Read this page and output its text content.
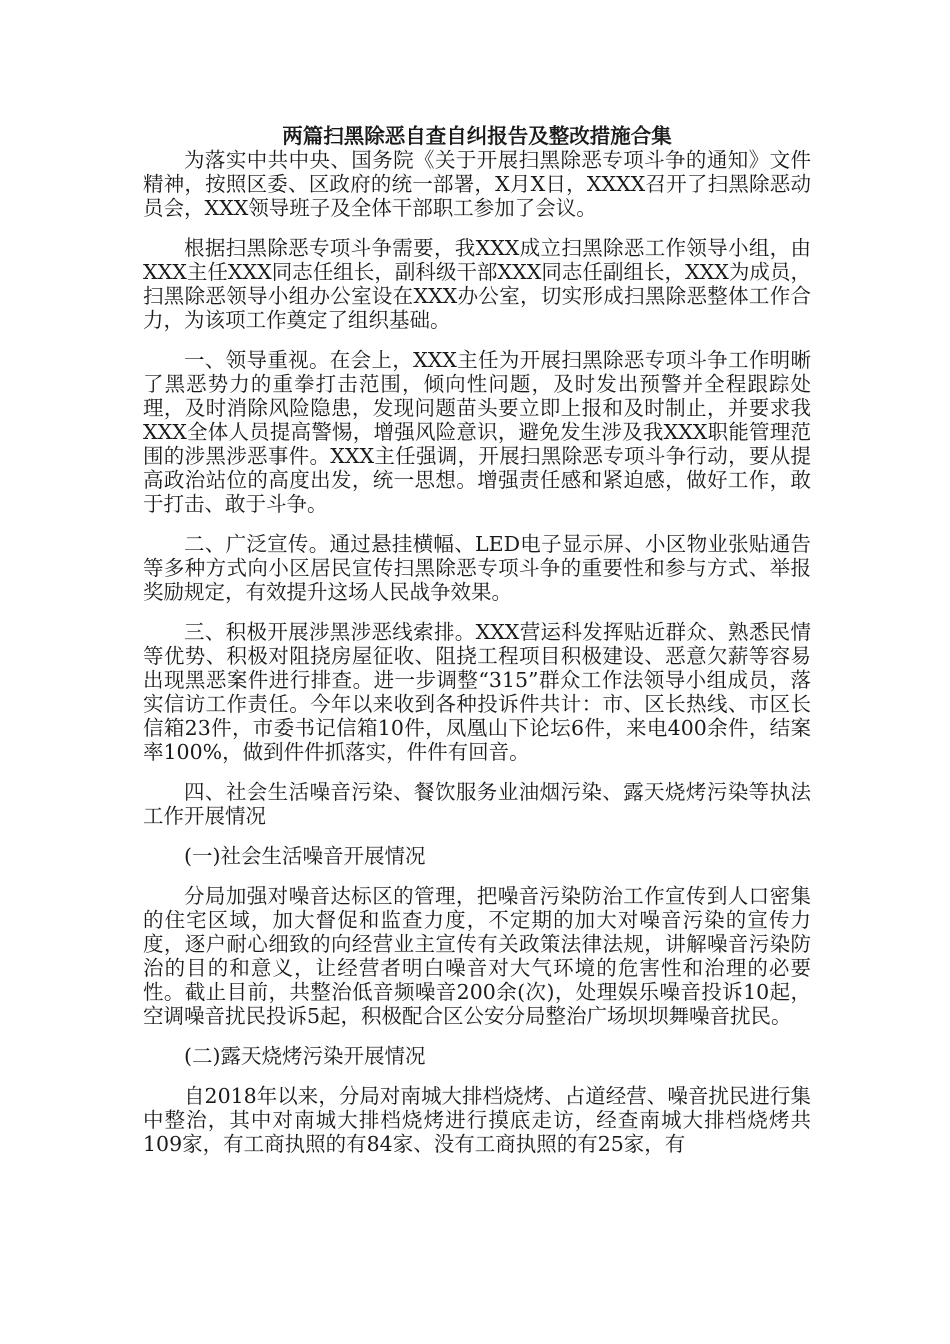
两篇扫黑除恶自查自纠报告及整改措施合集

为落实中共中央、国务院《关于开展扫黑除恶专项斗争的通知》文件精神，按照区委、区政府的统一部署，X月X日，XXXX召开了扫黑除恶动员会，XXX领导班子及全体干部职工参加了会议。

根据扫黑除恶专项斗争需要，我XXX成立扫黑除恶工作领导小组，由XXX主任XXX同志任组长，副科级干部XXX同志任副组长，XXX为成员，扫黑除恶领导小组办公室设在XXX办公室，切实形成扫黑除恶整体工作合力，为该项工作奠定了组织基础。

一、领导重视。在会上，XXX主任为开展扫黑除恶专项斗争工作明晰了黑恶势力的重拳打击范围，倾向性问题，及时发出预警并全程跟踪处理，及时消除风险隐患，发现问题苗头要立即上报和及时制止，并要求我XXX全体人员提高警惕，增强风险意识，避免发生涉及我XXX职能管理范围的涉黑涉恶事件。XXX主任强调，开展扫黑除恶专项斗争行动，要从提高政治站位的高度出发，统一思想。增强责任感和紧迫感，做好工作，敢于打击、敢于斗争。

二、广泛宣传。通过悬挂横幅、LED电子显示屏、小区物业张贴通告等多种方式向小区居民宣传扫黑除恶专项斗争的重要性和参与方式、举报奖励规定，有效提升这场人民战争效果。

三、积极开展涉黑涉恶线索排。XXX营运科发挥贴近群众、熟悉民情等优势、积极对阻挠房屋征收、阻挠工程项目积极建设、恶意欠薪等容易出现黑恶案件进行排查。进一步调整“315”群众工作法领导小组成员，落实信访工作责任。今年以来收到各种投诉件共计：市、区长热线、市区长信箱23件，市委书记信箱10件，凤凰山下论坛6件，来电400余件，结案率100%，做到件件抓落实，件件有回音。

四、社会生活噪音污染、餐饮服务业油烟污染、露天烧烤污染等执法工作开展情况

(一)社会生活噪音开展情况

分局加强对噪音达标区的管理，把噪音污染防治工作宣传到人口密集的住宅区域，加大督促和监查力度，不定期的加大对噪音污染的宣传力度，逐户耐心细致的向经营业主宣传有关政策法律法规，讲解噪音污染防治的目的和意义，让经营者明白噪音对大气环境的危害性和治理的必要性。截止目前，共整治低音频噪音200余(次)，处理娱乐噪音投诉10起，空调噪音扰民投诉5起，积极配合区公安分局整治广场坝坝舞噪音扰民。

(二)露天烧烤污染开展情况

自2018年以来，分局对南城大排档烧烤、占道经营、噪音扰民进行集中整治，其中对南城大排档烧烤进行摸底走访，经查南城大排档烧烤共109家，有工商执照的有84家、没有工商执照的有25家，有
